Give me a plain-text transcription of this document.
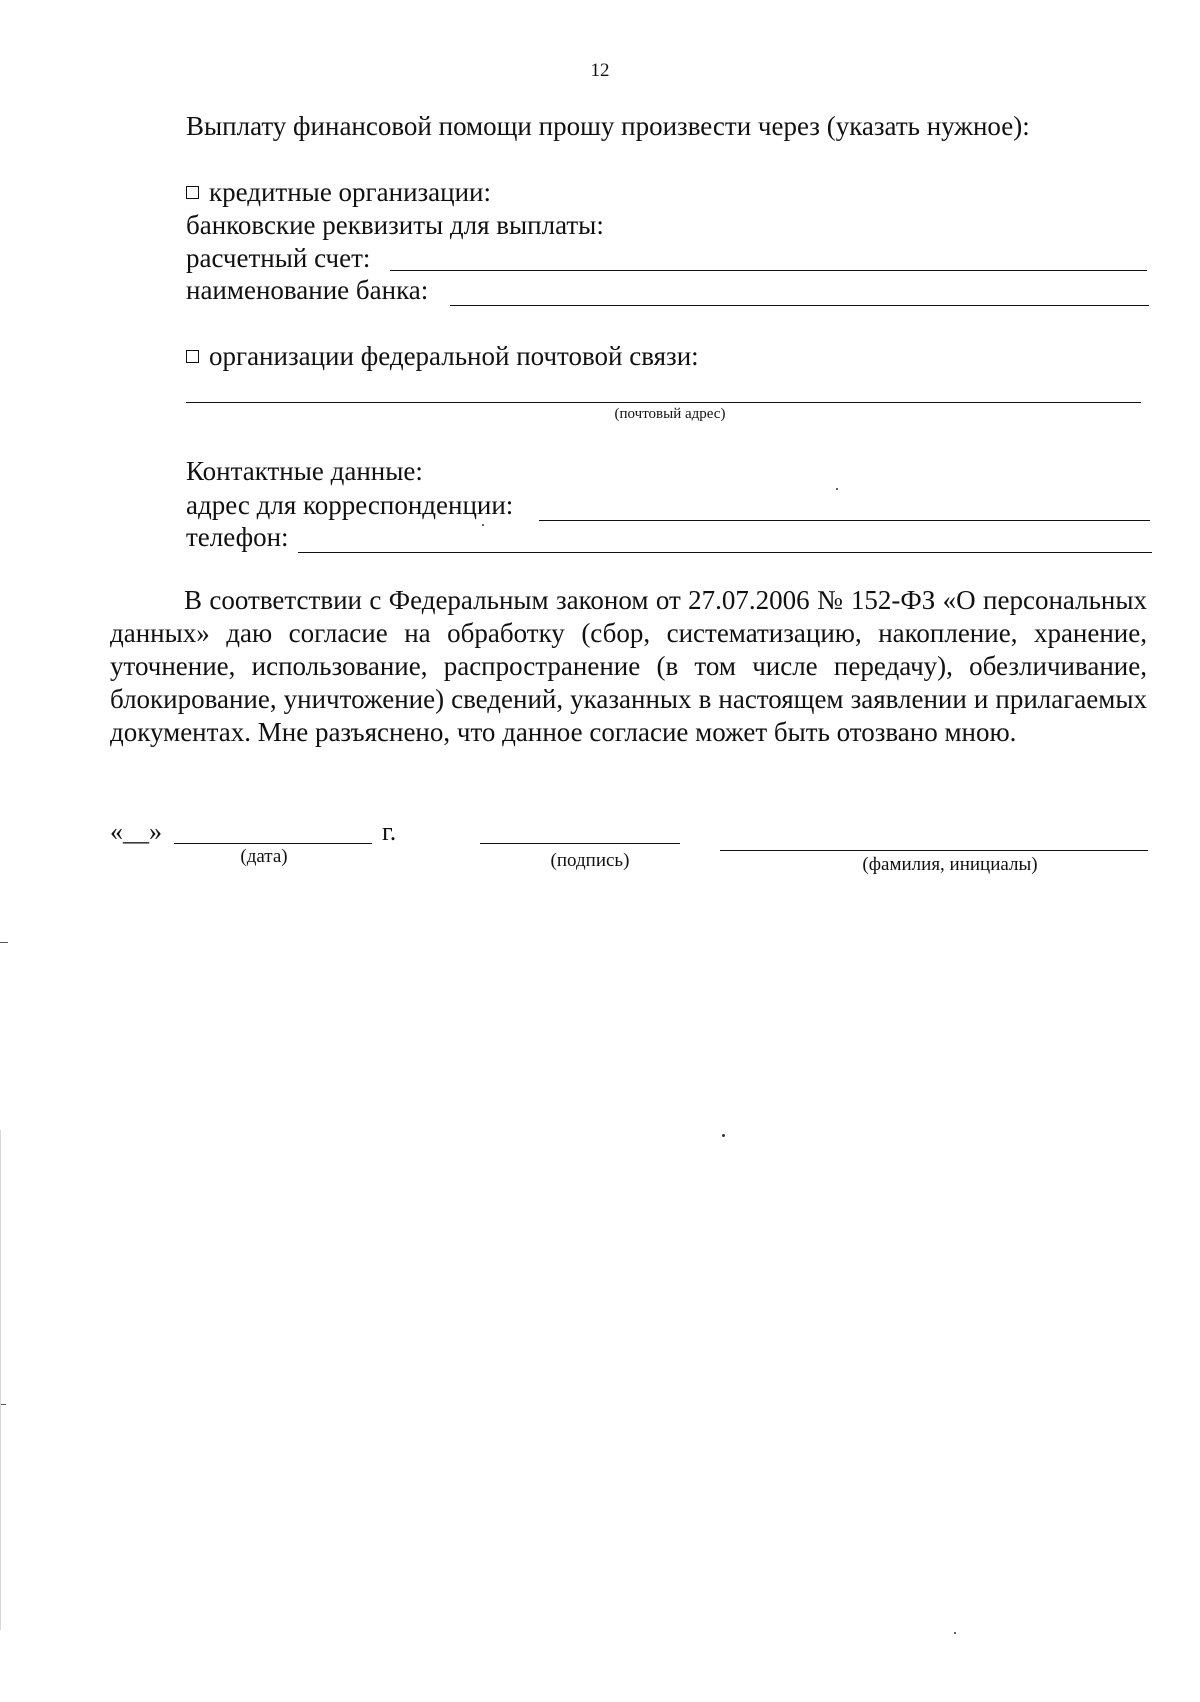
12
Выплату финансовой помощи прошу произвести через (указать нужное):
кредитные организации:
банковские реквизиты для выплаты:
расчетный счет:
наименование банка:
организации федеральной почтовой связи:
(почтовый адрес)
Контактные данные:
адрес для корреспонденции:
телефон:
В соответствии с Федеральным законом от 27.07.2006 № 152-ФЗ «О персональных данных» даю согласие на обработку (сбор, систематизацию, накопление, хранение, уточнение, использование, распространение (в том числе передачу), обезличивание, блокирование, уничтожение) сведений, указанных в настоящем заявлении и прилагаемых документах. Мне разъяснено, что данное согласие может быть отозвано мною.
«__»	г.
(дата)	(подпись)	(фамилия, инициалы)
